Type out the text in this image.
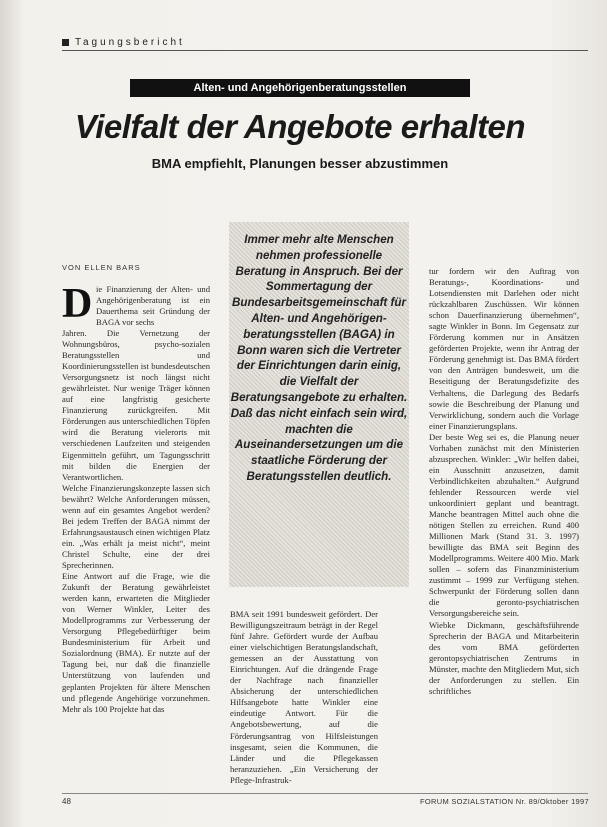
Tagungsbericht
Alten- und Angehörigenberatungsstellen
Vielfalt der Angebote erhalten
BMA empfiehlt, Planungen besser abzustimmen
VON ELLEN BARS
D ie Finanzierung der Alten- und Angehörigenberatung ist ein Dauerthema seit Gründung der BAGA vor sechs
Jahren. Die Vernetzung der Wohnungsbüros, psycho-sozialen Beratungsstellen und Koordinierungsstellen ist bundesdeutschen Versorgungsnetz ist noch längst nicht gewährleistet. Nur wenige Träger können auf eine langfristig gesicherte Finanzierung zurückgreifen. Mit Förderungen aus unterschiedlichen Töpfen wird die Beratung vielerorts mit verschiedenen Laufzeiten und steigenden Eigenmitteln geführt, um Tagungsschritt mit bilden die Energien der Verantwortlichen.
Welche Finanzierungskonzepte lassen sich bewährt? Welche Anforderungen müssen, wenn auf ein gesamtes Angebot werden? Bei jedem Treffen der BAGA nimmt der Erfahrungsaustausch einen wichtigen Platz ein. „Was erhält ja meist nicht“, meint Christel Schulte, eine der drei Sprecherinnen.
Eine Antwort auf die Frage, wie die Zukunft der Beratung gewährleistet werden kann, erwarteten die Mitglieder von Werner Winkler, Leiter des Modellprogramms zur Verbesserung der Versorgung Pflegebedürftiger beim Bundesministerium für Arbeit und Sozialordnung (BMA). Er nutzte auf der Tagung bei, nur daß die finanzielle Unterstützung von laufenden und geplanten Projekten für ältere Menschen und pflegende Angehörige vorzunehmen. Mehr als 100 Projekte hat das
Immer mehr alte Menschen nehmen professionelle Beratung in Anspruch. Bei der Sommertagung der Bundesarbeitsgemeinschaft für Alten- und Angehörigenberatungsstellen (BAGA) in Bonn waren sich die Vertreter der Einrichtungen darin einig, die Vielfalt der Beratungsangebote zu erhalten. Daß das nicht einfach sein wird, machten die Auseinandersetzungen um die staatliche Förderung der Beratungsstellen deutlich.
BMA seit 1991 bundesweit gefördert. Der Bewilligungszeitraum beträgt in der Regel fünf Jahre. Gefördert wurde der Aufbau einer vielschichtigen Beratungslandschaft, gemessen an der Ausstattung von Einrichtungen. Auf die drängende Frage der Nachfrage nach finanzieller Absicherung der unterschiedlichen Hilfsangebote hatte Winkler eine eindeutige Antwort. Für die Angebotsbewertung, auf die Förderungsantrag von Hilfsleistungen insgesamt, seien die Kommunen, die Länder und die Pflegekassen heranzuziehen. „Ein Versicherung der Pflege-Infrastruk-
tur fordern wir den Auftrag von Beratungs-, Koordinations- und Lotsendiensten mit Darlehen oder nicht rückzahlbaren Zuschüssen. Wir können schon Dauerfinanzierung übernehmen“, sagte Winkler in Bonn. Im Gegensatz zur Förderung kommen nur in Ansätzen geförderten Projekte, wenn ihr Antrag der Förderung genehmigt ist. Das BMA fördert von den Anträgen bundesweit, um die Beseitigung der Beratungsdefizite des Verhaltens, die Darlegung des Bedarfs sowie die Beschreibung der Planung und Verwirklichung, sondern auch die Vorlage einer Finanzierungsplans.
Der beste Weg sei es, die Planung neuer Vorhaben zunächst mit den Ministerien abzusprechen. Winkler: „Wir helfen dabei, ein Ausschnitt anzusetzen, damit Verbindlichkeiten abzuhalten.“ Aufgrund fehlender Ressourcen werde viel unkoordiniert geplant und beantragt. Manche beantragen Mittel auch ohne die nötigen Stellen zu erreichen. Rund 400 Millionen Mark (Stand 31. 3. 1997) bewilligte das BMA seit Beginn des Modellprogramms. Weitere 400 Mio. Mark sollen – sofern das Finanzministerium zustimmt – 1999 zur Verfügung stehen. Schwerpunkt der Förderung sollen dann die geronto-psychiatrischen Versorgungsbereiche sein.
Wiebke Dickmann, geschäftsführende Sprecherin der BAGA und Mitarbeiterin des vom BMA geförderten gerontopsychiatrischen Zentrums in Münster, machte den Mitgliedern Mut, sich der Anforderungen zu stellen. Ein schriftliches
48	FORUM SOZIALSTATION Nr. 89/Oktober 1997
